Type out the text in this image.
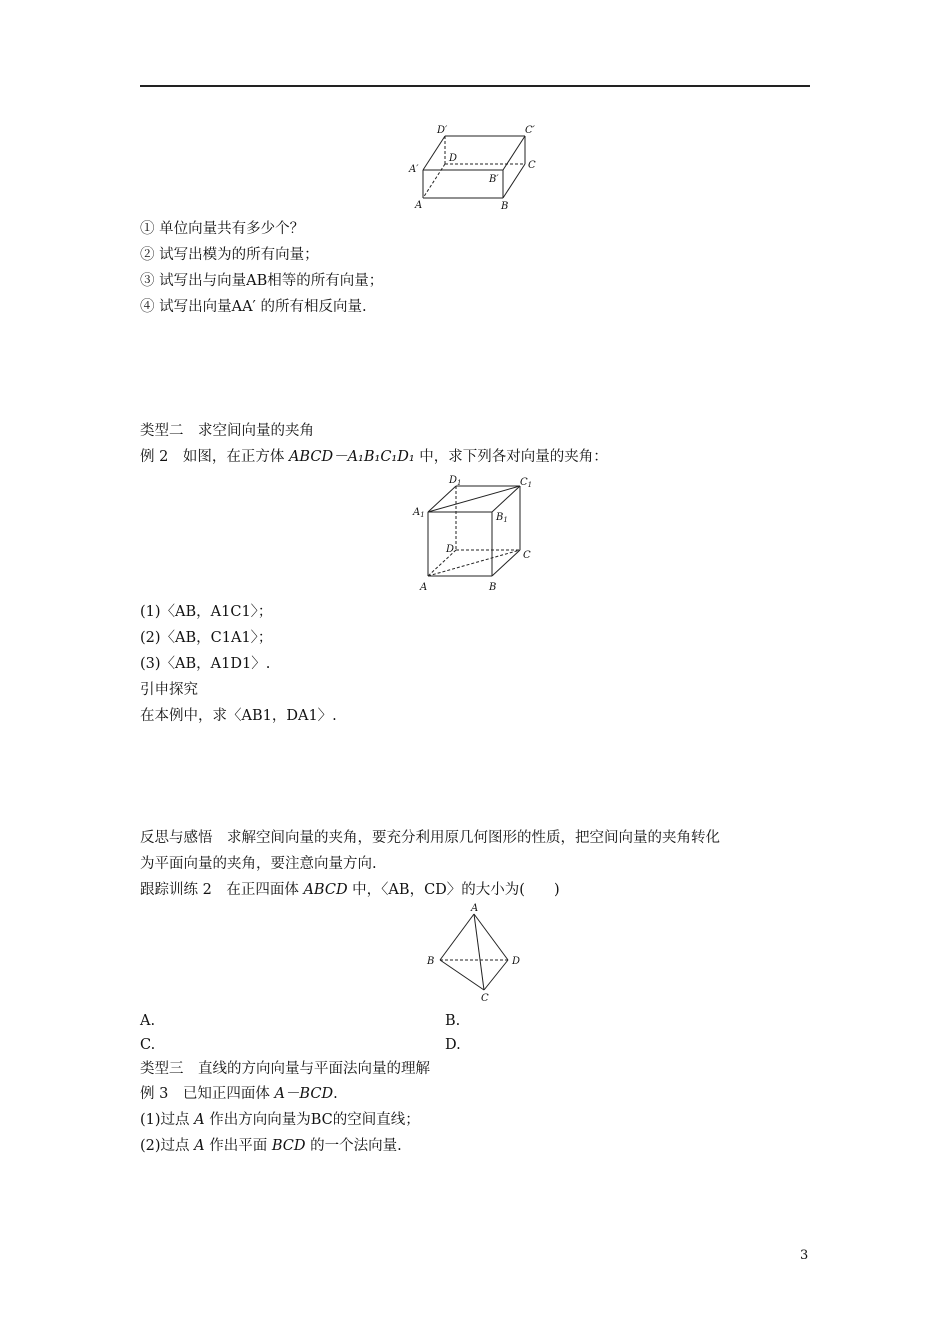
D′	C′
A′
D
C
B′
A	B
① 单位向量共有多少个？
② 试写出模为的所有向量；
③ 试写出与向量AB相等的所有向量；
④ 试写出向量AA′ 的所有相反向量.
类型二　求空间向量的夹角
例 2　如图，在正方体 ABCD－A₁B₁C₁D₁ 中，求下列各对向量的夹角：
$D_1$	$C_1$
$A_1$	$B_1$
D
C
A	B
(1)〈AB，A1C1〉；
(2)〈AB，C1A1〉；
(3)〈AB，A1D1〉.
引申探究
在本例中，求〈AB1，DA1〉.
反思与感悟　求解空间向量的夹角，要充分利用原几何图形的性质，把空间向量的夹角转化
为平面向量的夹角，要注意向量方向.
跟踪训练 2　在正四面体 ABCD 中，〈AB，CD〉的大小为(　　)
A
B	D
C
A.	B.
C.	D.
类型三　直线的方向向量与平面法向量的理解
例 3　已知正四面体 A－BCD.
(1)过点 A 作出方向向量为BC的空间直线；
(2)过点 A 作出平面 BCD 的一个法向量.
3
